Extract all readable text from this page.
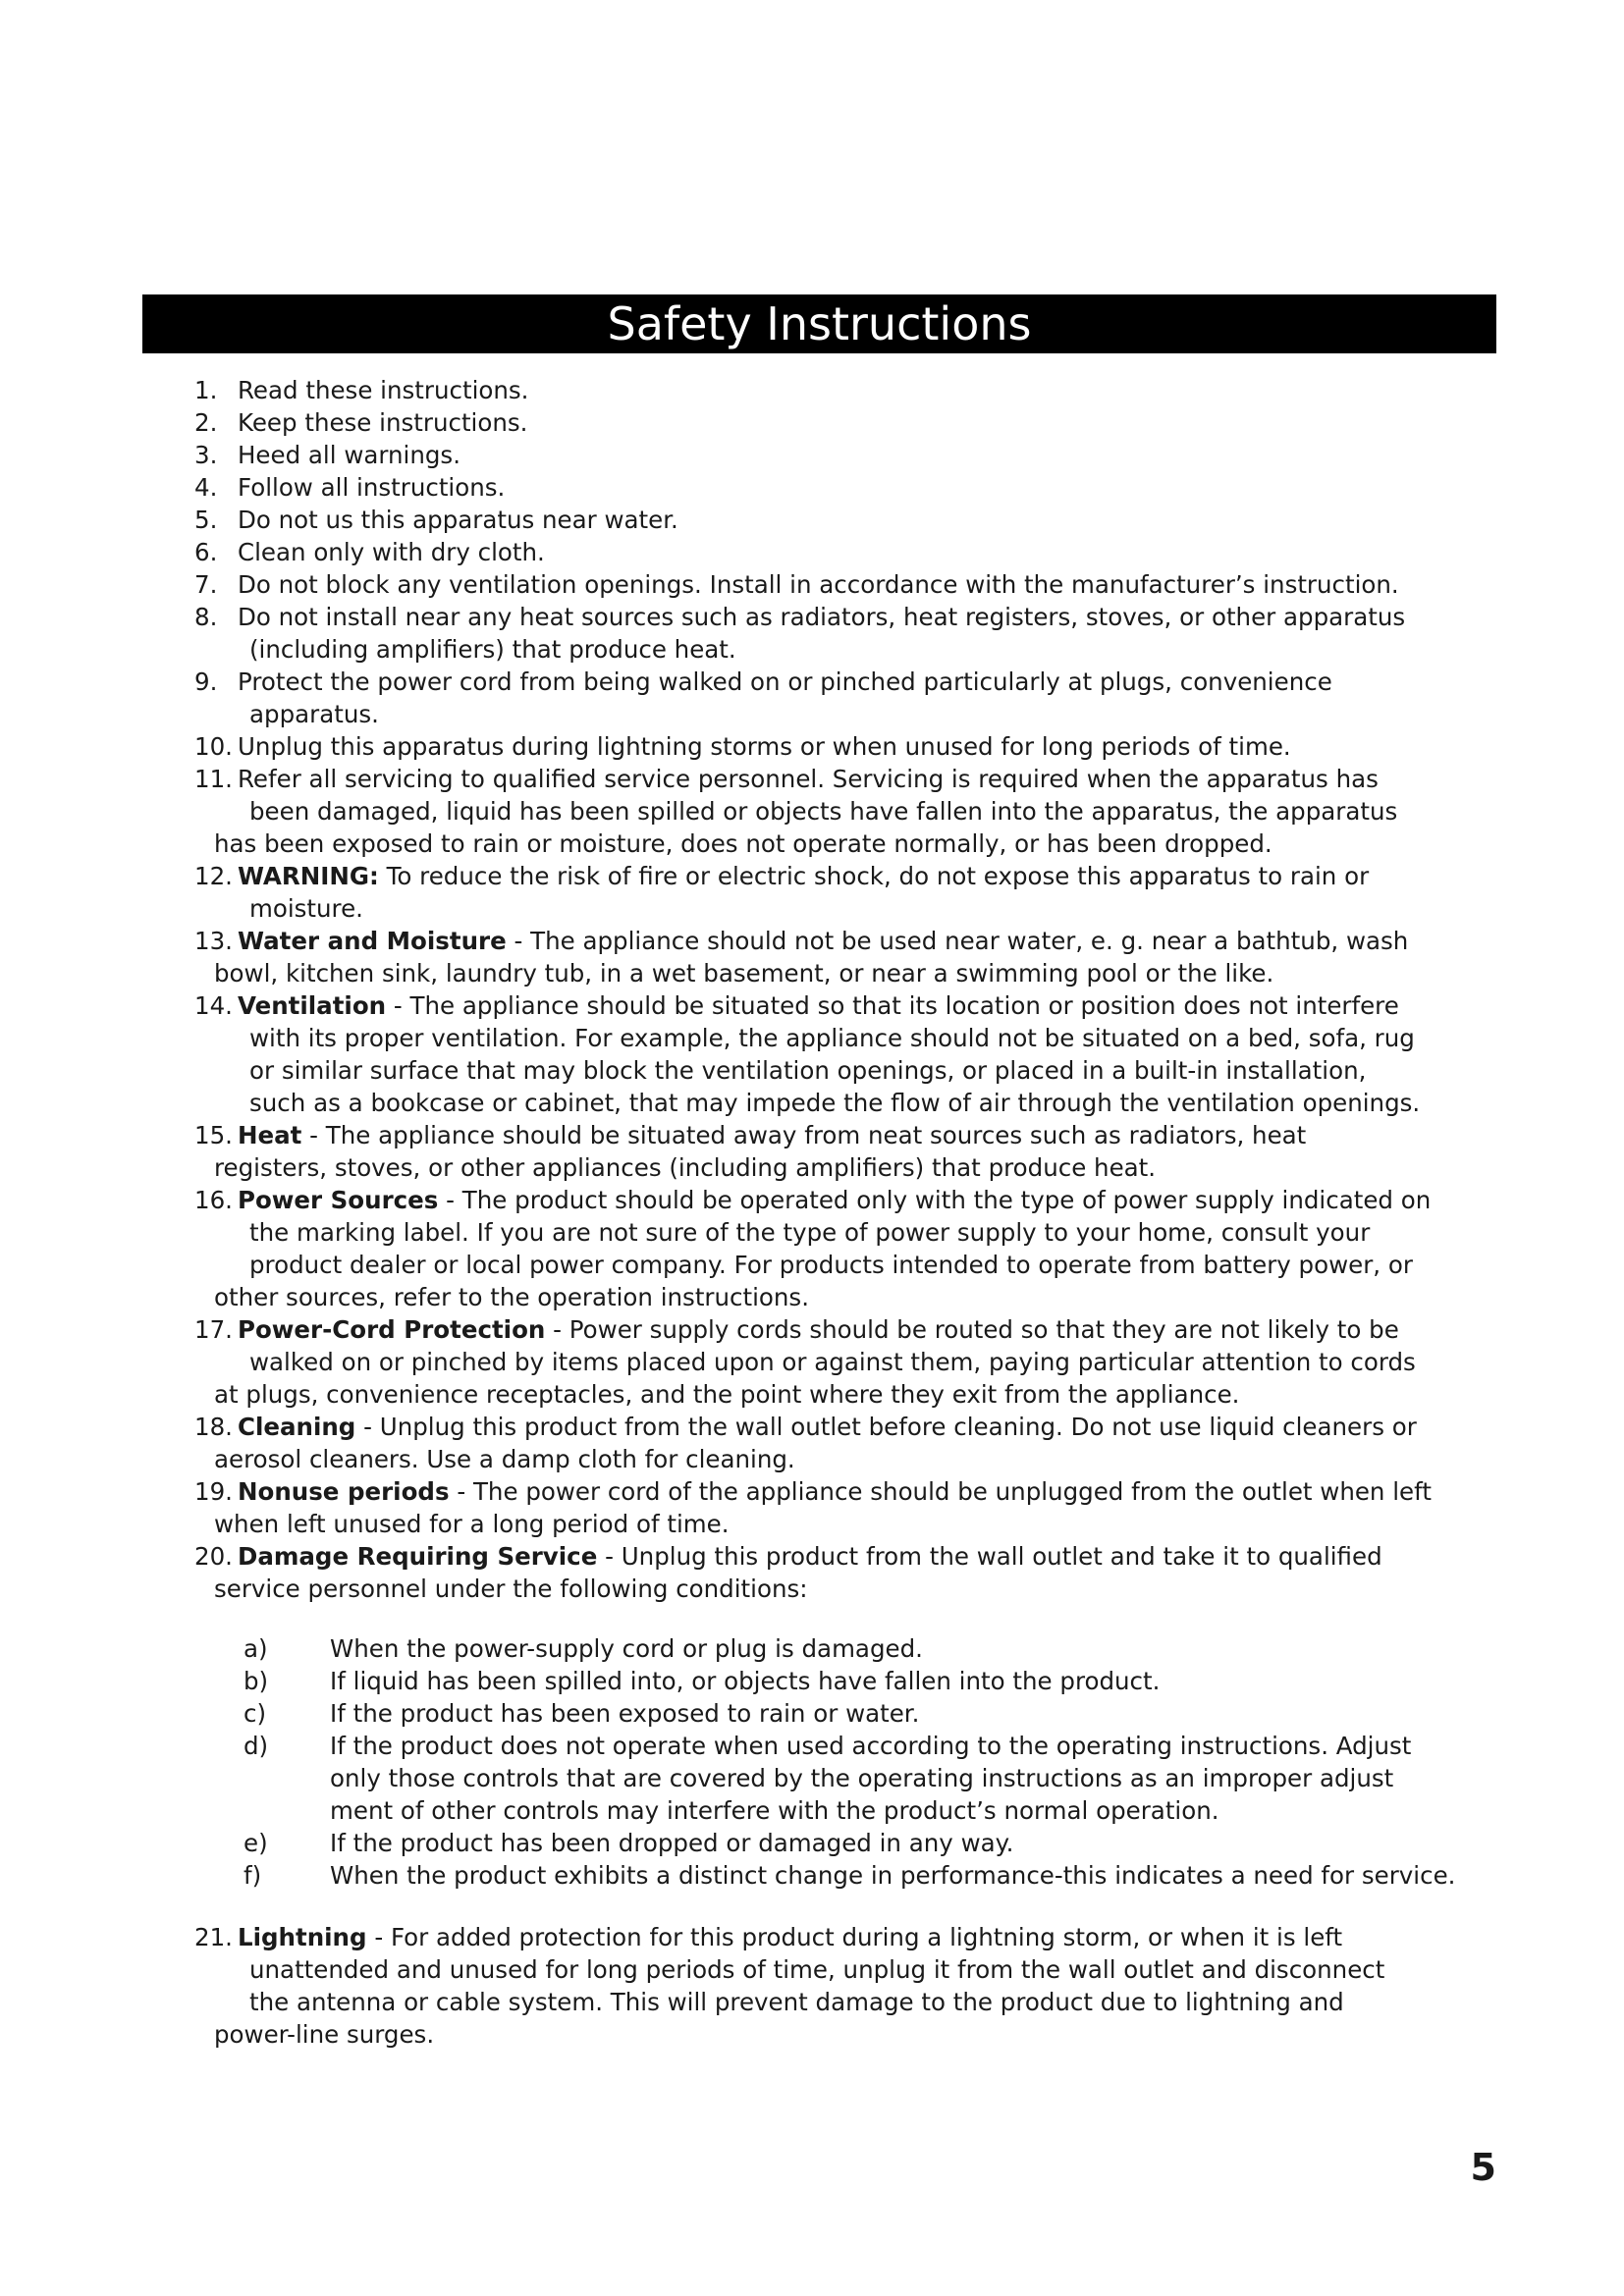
Safety Instructions
1. Read these instructions.
2. Keep these instructions.
3. Heed all warnings.
4. Follow all instructions.
5. Do not us this apparatus near water.
6. Clean only with dry cloth.
7. Do not block any ventilation openings. Install in accordance with the manufacturer’s instruction.
8. Do not install near any heat sources such as radiators, heat registers, stoves, or other apparatus
(including amplifiers) that produce heat.
9. Protect the power cord from being walked on or pinched particularly at plugs, convenience
apparatus.
10. Unplug this apparatus during lightning storms or when unused for long periods of time.
11. Refer all servicing to qualified service personnel. Servicing is required when the apparatus has
been damaged, liquid has been spilled or objects have fallen into the apparatus, the apparatus
has been exposed to rain or moisture, does not operate normally, or has been dropped.
12. WARNING: To reduce the risk of fire or electric shock, do not expose this apparatus to rain or
moisture.
13. Water and Moisture - The appliance should not be used near water, e. g. near a bathtub, wash
bowl, kitchen sink, laundry tub, in a wet basement, or near a swimming pool or the like.
14. Ventilation - The appliance should be situated so that its location or position does not interfere
with its proper ventilation. For example, the appliance should not be situated on a bed, sofa, rug
or similar surface that may block the ventilation openings, or placed in a built-in installation,
such as a bookcase or cabinet, that may impede the flow of air through the ventilation openings.
15. Heat - The appliance should be situated away from neat sources such as radiators, heat
registers, stoves, or other appliances (including amplifiers) that produce heat.
16. Power Sources - The product should be operated only with the type of power supply indicated on
the marking label. If you are not sure of the type of power supply to your home, consult your
product dealer or local power company. For products intended to operate from battery power, or
other sources, refer to the operation instructions.
17. Power-Cord Protection - Power supply cords should be routed so that they are not likely to be
walked on or pinched by items placed upon or against them, paying particular attention to cords
at plugs, convenience receptacles, and the point where they exit from the appliance.
18. Cleaning - Unplug this product from the wall outlet before cleaning. Do not use liquid cleaners or
aerosol cleaners. Use a damp cloth for cleaning.
19. Nonuse periods - The power cord of the appliance should be unplugged from the outlet when left
when left unused for a long period of time.
20. Damage Requiring Service - Unplug this product from the wall outlet and take it to qualified
service personnel under the following conditions:
a)	When the power-supply cord or plug is damaged.
b)	If liquid has been spilled into, or objects have fallen into the product.
c)	If the product has been exposed to rain or water.
d)	If the product does not operate when used according to the operating instructions. Adjust
only those controls that are covered by the operating instructions as an improper adjust
ment of other controls may interfere with the product’s normal operation.
e)	If the product has been dropped or damaged in any way.
f)	When the product exhibits a distinct change in performance-this indicates a need for service.
21. Lightning - For added protection for this product during a lightning storm, or when it is left
unattended and unused for long periods of time, unplug it from the wall outlet and disconnect
the antenna or cable system. This will prevent damage to the product due to lightning and
power-line surges.
5
